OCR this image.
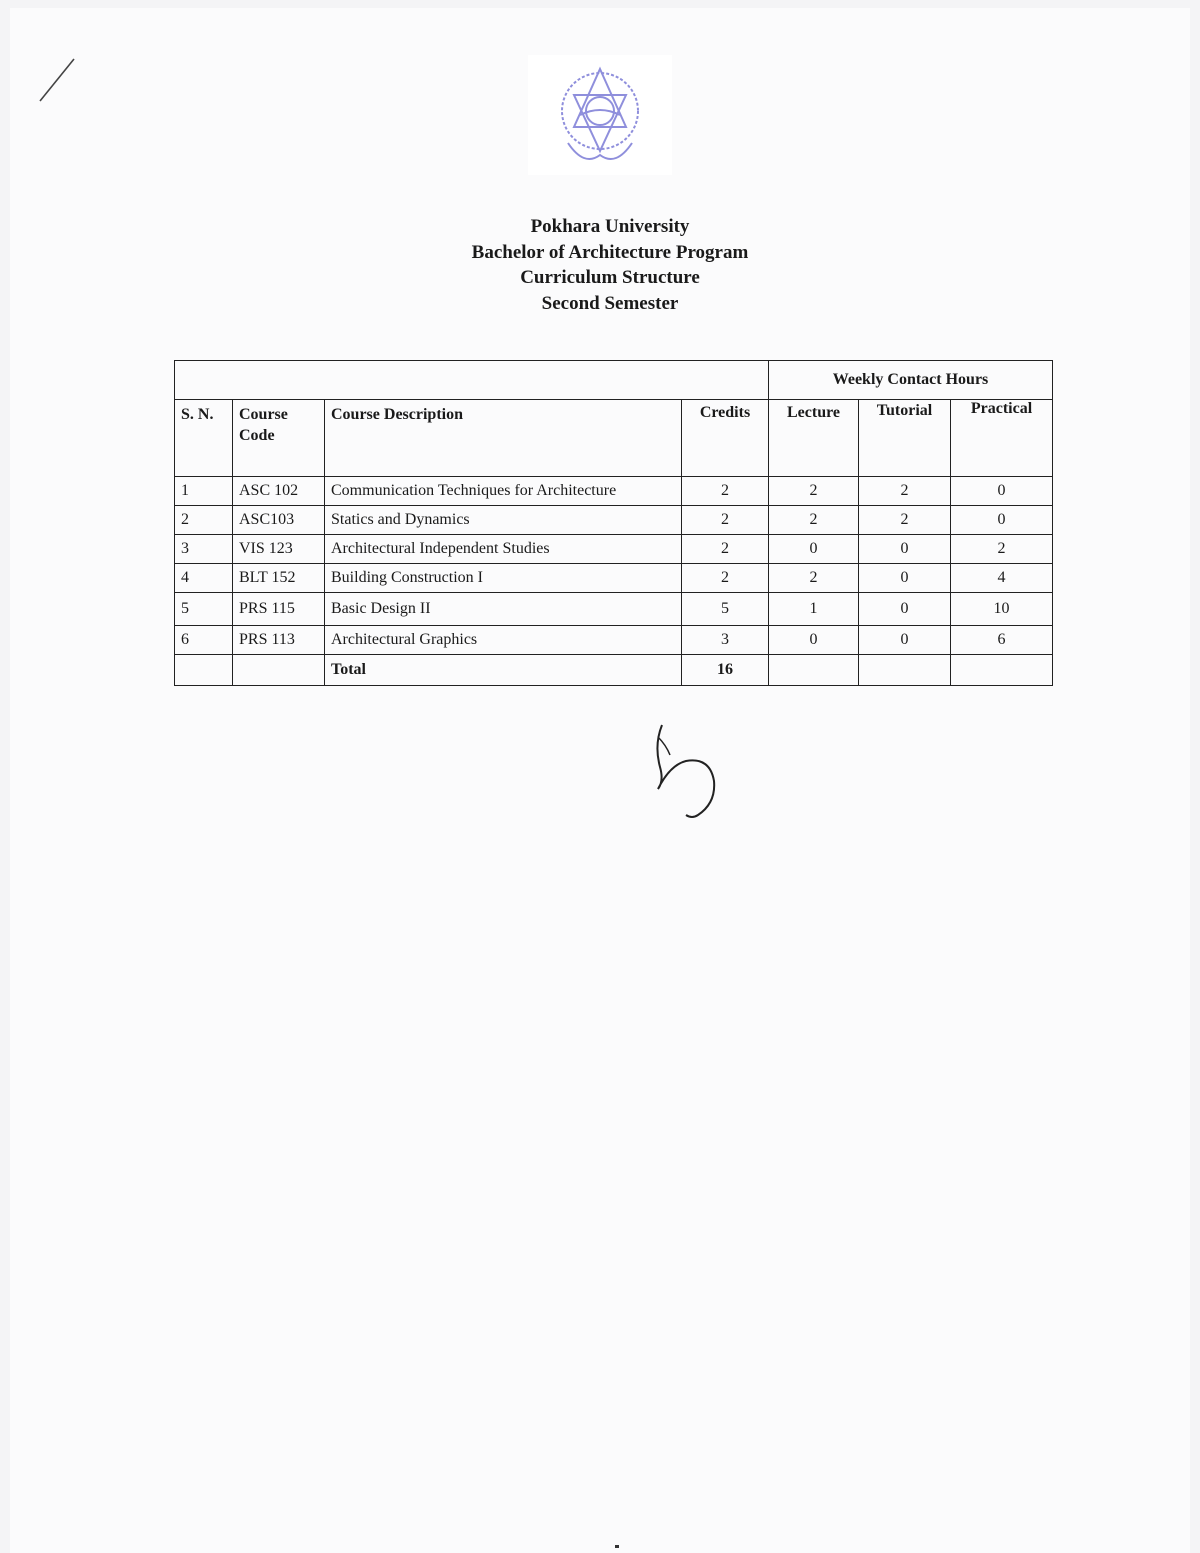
Pokhara University
Bachelor of Architecture Program
Curriculum Structure
Second Semester
				Weekly Contact Hours		
S. N.	Course Code	Course Description	Credits	Lecture	Tutorial	Practical
1	ASC 102	Communication Techniques for Architecture	2	2	2	0
2	ASC103	Statics and Dynamics	2	2	2	0
3	VIS 123	Architectural Independent Studies	2	0	0	2
4	BLT 152	Building Construction I	2	2	0	4
5	PRS 115	Basic Design II	5	1	0	10
6	PRS 113	Architectural Graphics	3	0	0	6
		Total	16			
